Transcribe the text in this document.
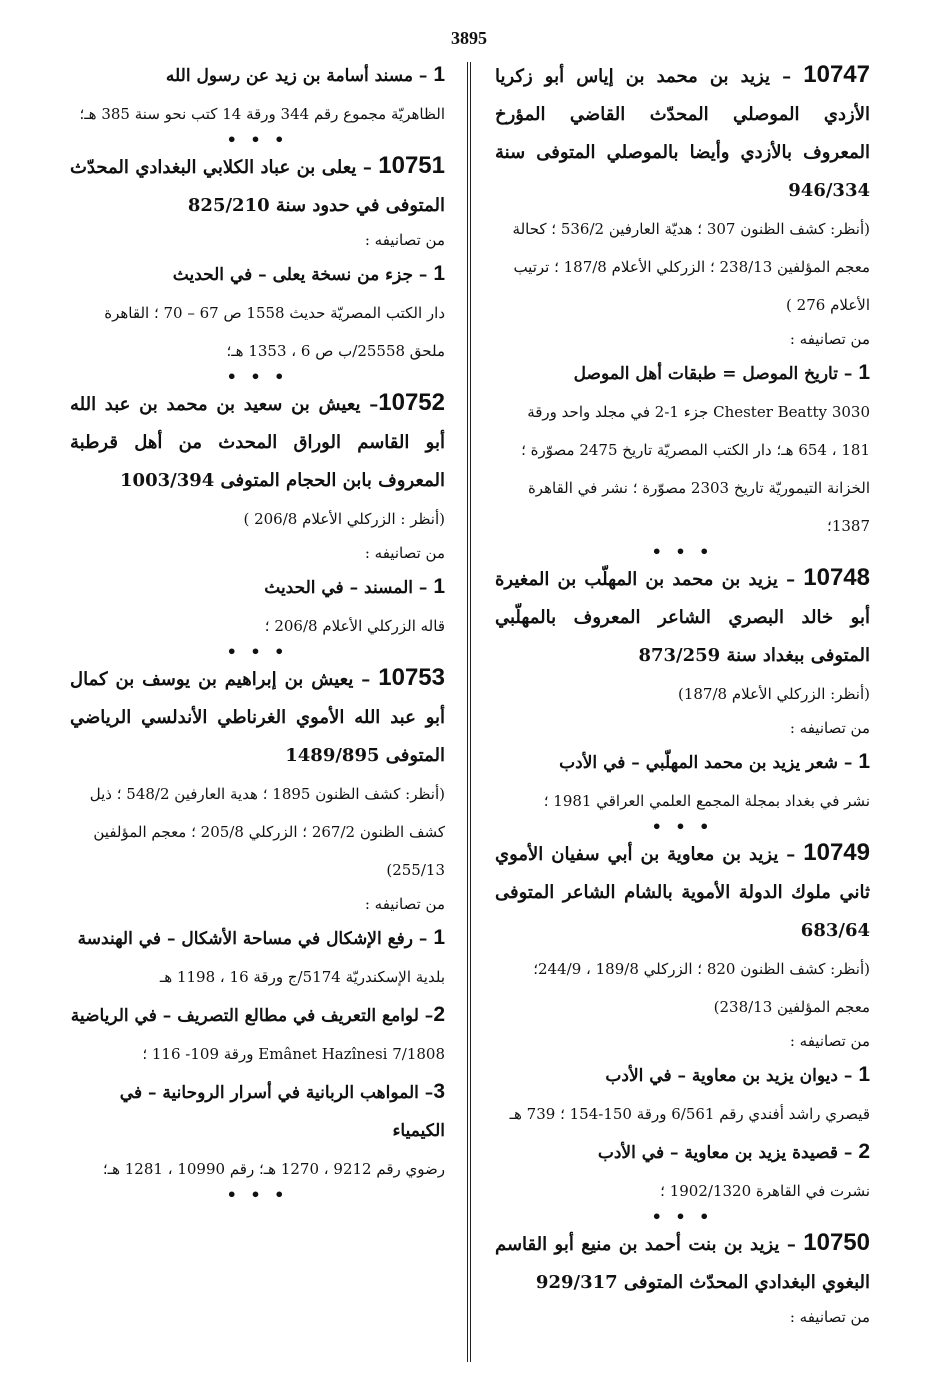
3895
10747 – يزيد بن محمد بن إياس أبو زكريا الأزدي الموصلي المحدّث القاضي المؤرخ المعروف بالأزدي وأيضا بالموصلي المتوفى سنة 946/334
(أنظر: كشف الظنون 307 ؛ هديّة العارفين 536/2 ؛ كحالة معجم المؤلفين 238/13 ؛ الزركلي الأعلام 187/8 ؛ ترتيب الأعلام 276 )
من تصانيفه :
1 – تاريخ الموصل = طبقات أهل الموصل
3030 Chester Beatty جزء 1-2 في مجلد واحد ورقة 181 ، 654 هـ؛ دار الكتب المصريّة تاريخ 2475 مصوّرة ؛ الخزانة التيموريّة تاريخ 2303 مصوّرة ؛ نشر في القاهرة 1387؛
• • •
10748 – يزيد بن محمد بن المهلّب بن المغيرة أبو خالد البصري الشاعر المعروف بالمهلّبي المتوفى ببغداد سنة 873/259
(أنظر: الزركلي الأعلام 187/8)
من تصانيفه :
1 – شعر يزيد بن محمد المهلّبي – في الأدب
نشر في بغداد بمجلة المجمع العلمي العراقي 1981 ؛
• • •
10749 – يزيد بن معاوية بن أبي سفيان الأموي ثاني ملوك الدولة الأموية بالشام الشاعر المتوفى 683/64
(أنظر: كشف الظنون 820 ؛ الزركلي 189/8 ، 244/9؛ معجم المؤلفين 238/13)
من تصانيفه :
1 – ديوان يزيد بن معاوية – في الأدب
قيصري راشد أفندي رقم 6/561 ورقة 150-154 ؛ 739 هـ
2 – قصيدة يزيد بن معاوية – في الأدب
نشرت في القاهرة 1902/1320 ؛
• • •
10750 – يزيد بن بنت أحمد بن منيع أبو القاسم البغوي البغدادي المحدّث المتوفى 929/317
من تصانيفه :
1 – مسند أسامة بن زيد عن رسول الله
الظاهريّة مجموع رقم 344 ورقة 14 كتب نحو سنة 385 هـ؛
• • •
10751 – يعلى بن عباد الكلابي البغدادي المحدّث المتوفى في حدود سنة 825/210
من تصانيفه :
1 – جزء من نسخة يعلى – في الحديث
دار الكتب المصريّة حديث 1558 ص 67 – 70 ؛ القاهرة ملحق 25558/ب ص 6 ، 1353 هـ؛
• • •
10752– يعيش بن سعيد بن محمد بن عبد الله أبو القاسم الوراق المحدث من أهل قرطبة المعروف بابن الحجام المتوفى 1003/394
(أنظر : الزركلي الأعلام 206/8 )
من تصانيفه :
1 – المسند – في الحديث
قاله الزركلي الأعلام 206/8 ؛
• • •
10753 – يعيش بن إبراهيم بن يوسف بن كمال أبو عبد الله الأموي الغرناطي الأندلسي الرياضي المتوفى 1489/895
(أنظر: كشف الظنون 1895 ؛ هدية العارفين 548/2 ؛ ذيل كشف الظنون 267/2 ؛ الزركلي 205/8 ؛ معجم المؤلفين 255/13)
من تصانيفه :
1 – رفع الإشكال في مساحة الأشكال – في الهندسة
بلدية الإسكندريّة 5174/ج ورقة 16 ، 1198 هـ
2– لوامع التعريف في مطالع التصريف – في الرياضية
Emânet Hazînesi 7/1808 ورقة 109- 116 ؛
3– المواهب الربانية في أسرار الروحانية – في الكيمياء
رضوي رقم 9212 ، 1270 هـ؛ رقم 10990 ، 1281 هـ؛
• • •
